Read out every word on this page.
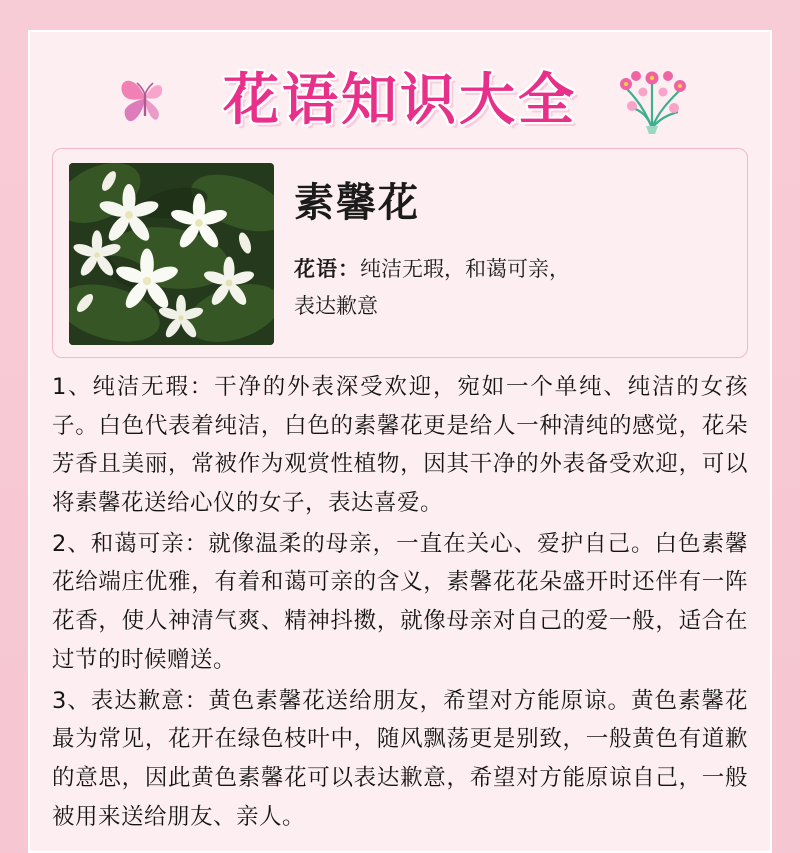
花语知识大全
素馨花
花语：纯洁无瑕，和蔼可亲，
表达歉意

1、纯洁无瑕：干净的外表深受欢迎，宛如一个单纯、纯洁的女孩子。白色代表着纯洁，白色的素馨花更是给人一种清纯的感觉，花朵芳香且美丽，常被作为观赏性植物，因其干净的外表备受欢迎，可以将素馨花送给心仪的女子，表达喜爱。

2、和蔼可亲：就像温柔的母亲，一直在关心、爱护自己。白色素馨花给端庄优雅，有着和蔼可亲的含义，素馨花花朵盛开时还伴有一阵花香，使人神清气爽、精神抖擞，就像母亲对自己的爱一般，适合在过节的时候赠送。

3、表达歉意：黄色素馨花送给朋友，希望对方能原谅。黄色素馨花最为常见，花开在绿色枝叶中，随风飘荡更是别致，一般黄色有道歉的意思，因此黄色素馨花可以表达歉意，希望对方能原谅自己，一般被用来送给朋友、亲人。
